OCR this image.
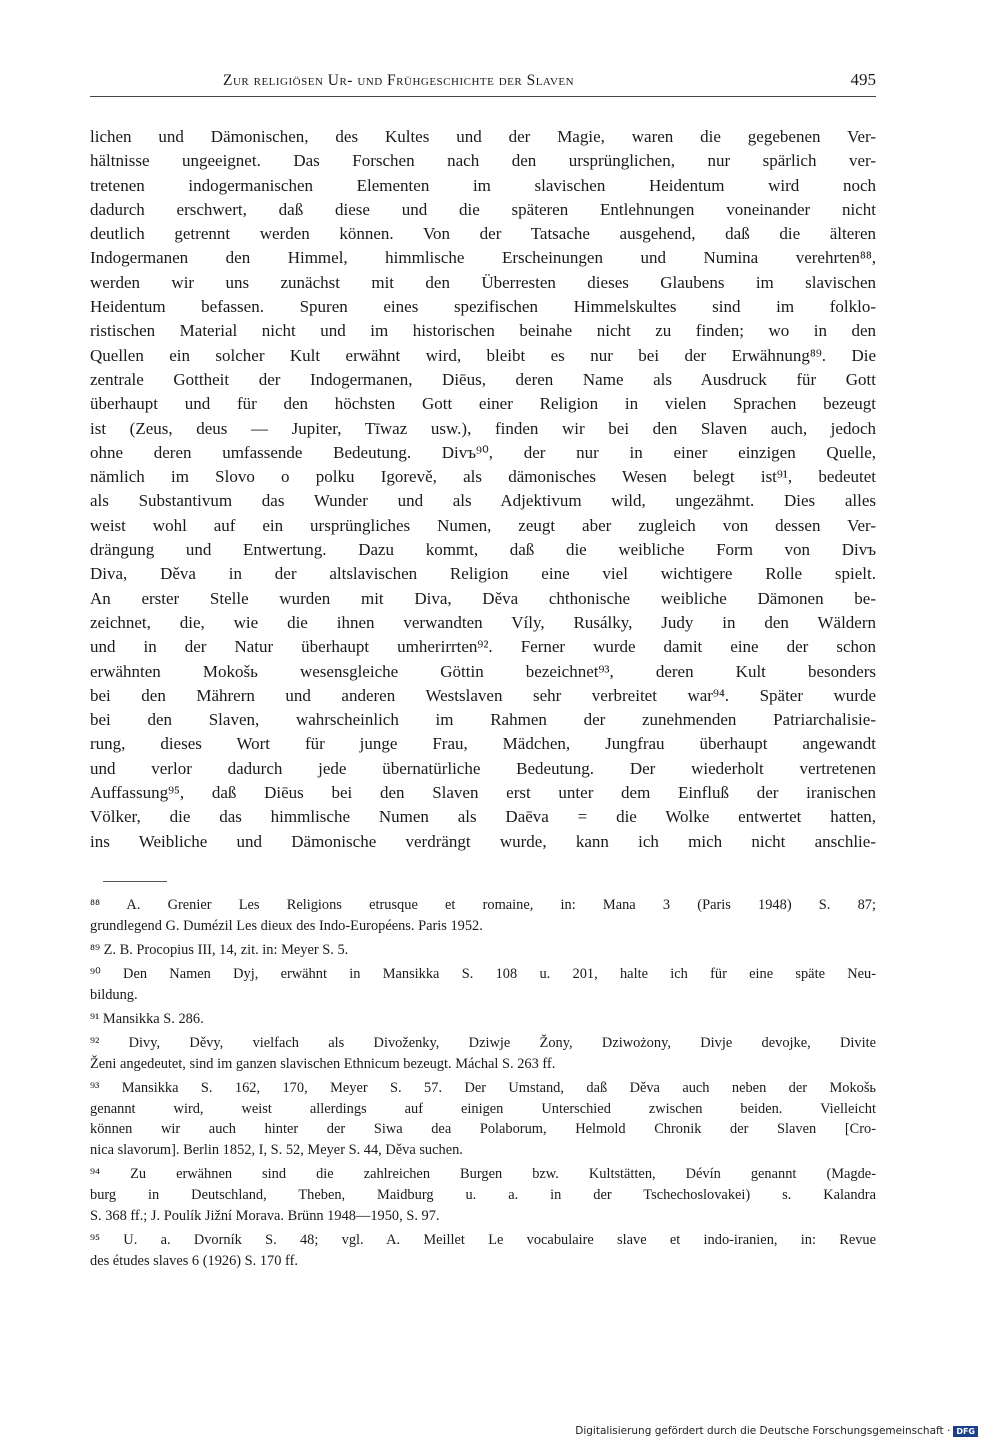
Zur religiösen Ur- und Frühgeschichte der Slaven	495
lichen und Dämonischen, des Kultes und der Magie, waren die gegebenen Ver-
hältnisse ungeeignet. Das Forschen nach den ursprünglichen, nur spärlich ver-
tretenen indogermanischen Elementen im slavischen Heidentum wird noch
dadurch erschwert, daß diese und die späteren Entlehnungen voneinander nicht
deutlich getrennt werden können. Von der Tatsache ausgehend, daß die älteren
Indogermanen den Himmel, himmlische Erscheinungen und Numina verehrten⁸⁸,
werden wir uns zunächst mit den Überresten dieses Glaubens im slavischen
Heidentum befassen. Spuren eines spezifischen Himmelskultes sind im folklo-
ristischen Material nicht und im historischen beinahe nicht zu finden; wo in den
Quellen ein solcher Kult erwähnt wird, bleibt es nur bei der Erwähnung⁸⁹. Die
zentrale Gottheit der Indogermanen, Diēus, deren Name als Ausdruck für Gott
überhaupt und für den höchsten Gott einer Religion in vielen Sprachen bezeugt
ist (Zeus, deus — Jupiter, Tīwaz usw.), finden wir bei den Slaven auch, jedoch
ohne deren umfassende Bedeutung. Divъ⁹⁰, der nur in einer einzigen Quelle,
nämlich im Slovo o polku Igorevě, als dämonisches Wesen belegt ist⁹¹, bedeutet
als Substantivum das Wunder und als Adjektivum wild, ungezähmt. Dies alles
weist wohl auf ein ursprüngliches Numen, zeugt aber zugleich von dessen Ver-
drängung und Entwertung. Dazu kommt, daß die weibliche Form von Divъ
Diva, Děva in der altslavischen Religion eine viel wichtigere Rolle spielt.
An erster Stelle wurden mit Diva, Děva chthonische weibliche Dämonen be-
zeichnet, die, wie die ihnen verwandten Víly, Rusálky, Judy in den Wäldern
und in der Natur überhaupt umherirrten⁹². Ferner wurde damit eine der schon
erwähnten Mokošь wesensgleiche Göttin bezeichnet⁹³, deren Kult besonders
bei den Mährern und anderen Westslaven sehr verbreitet war⁹⁴. Später wurde
bei den Slaven, wahrscheinlich im Rahmen der zunehmenden Patriarchalisie-
rung, dieses Wort für junge Frau, Mädchen, Jungfrau überhaupt angewandt
und verlor dadurch jede übernatürliche Bedeutung. Der wiederholt vertretenen
Auffassung⁹⁵, daß Diēus bei den Slaven erst unter dem Einfluß der iranischen
Völker, die das himmlische Numen als Daēva = die Wolke entwertet hatten,
ins Weibliche und Dämonische verdrängt wurde, kann ich mich nicht anschlie-
⁸⁸ A. Grenier Les Religions etrusque et romaine, in: Mana 3 (Paris 1948) S. 87;
grundlegend G. Dumézil Les dieux des Indo-Européens. Paris 1952.
⁸⁹ Z. B. Procopius III, 14, zit. in: Meyer S. 5.
⁹⁰ Den Namen Dyj, erwähnt in Mansikka S. 108 u. 201, halte ich für eine späte Neu-
bildung.
⁹¹ Mansikka S. 286.
⁹² Divy, Děvy, vielfach als Divoženky, Dziwje Žony, Dziwożony, Divje devojke, Divite
Ženi angedeutet, sind im ganzen slavischen Ethnicum bezeugt. Máchal S. 263 ff.
⁹³ Mansikka S. 162, 170, Meyer S. 57. Der Umstand, daß Děva auch neben der Mokošь
genannt wird, weist allerdings auf einigen Unterschied zwischen beiden. Vielleicht
können wir auch hinter der Siwa dea Polaborum, Helmold Chronik der Slaven [Cro-
nica slavorum]. Berlin 1852, I, S. 52, Meyer S. 44, Děva suchen.
⁹⁴ Zu erwähnen sind die zahlreichen Burgen bzw. Kultstätten, Dévín genannt (Magde-
burg in Deutschland, Theben, Maidburg u. a. in der Tschechoslovakei) s. Kalandra
S. 368 ff.; J. Poulík Jižní Morava. Brünn 1948—1950, S. 97.
⁹⁵ U. a. Dvorník S. 48; vgl. A. Meillet Le vocabulaire slave et indo-iranien, in: Revue
des études slaves 6 (1926) S. 170 ff.
Digitalisierung gefördert durch die Deutsche Forschungsgemeinschaft · DFG
